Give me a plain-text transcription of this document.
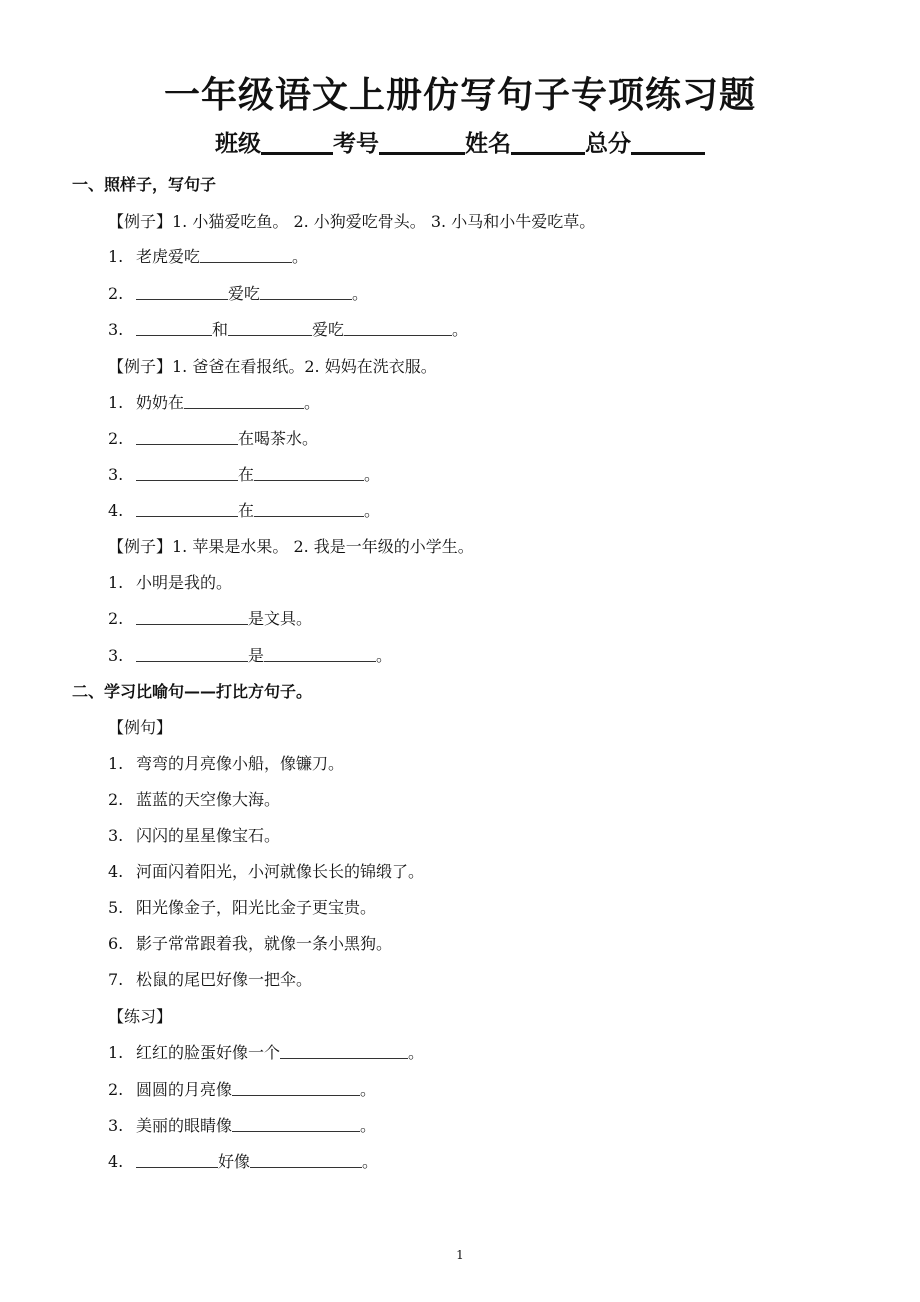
一年级语文上册仿写句子专项练习题
班级	考号	姓名	总分
一、照样子，写句子
【例子】1. 小猫爱吃鱼。 2. 小狗爱吃骨头。 3. 小马和小牛爱吃草。
1. 老虎爱吃	。
2.	爱吃	。
3.	和	爱吃	。
【例子】1. 爸爸在看报纸。2. 妈妈在洗衣服。
1. 奶奶在	。
2.	在喝茶水。
3.	在	。
4.	在	。
【例子】1. 苹果是水果。 2. 我是一年级的小学生。
1. 小明是我的。
2.	是文具。
3.	是	。
二、学习比喻句——打比方句子。
【例句】
1. 弯弯的月亮像小船，像镰刀。
2. 蓝蓝的天空像大海。
3. 闪闪的星星像宝石。
4. 河面闪着阳光，小河就像长长的锦缎了。
5. 阳光像金子，阳光比金子更宝贵。
6. 影子常常跟着我，就像一条小黑狗。
7. 松鼠的尾巴好像一把伞。
【练习】
1. 红红的脸蛋好像一个	。
2. 圆圆的月亮像	。
3. 美丽的眼睛像	。
4.	好像	。
1
